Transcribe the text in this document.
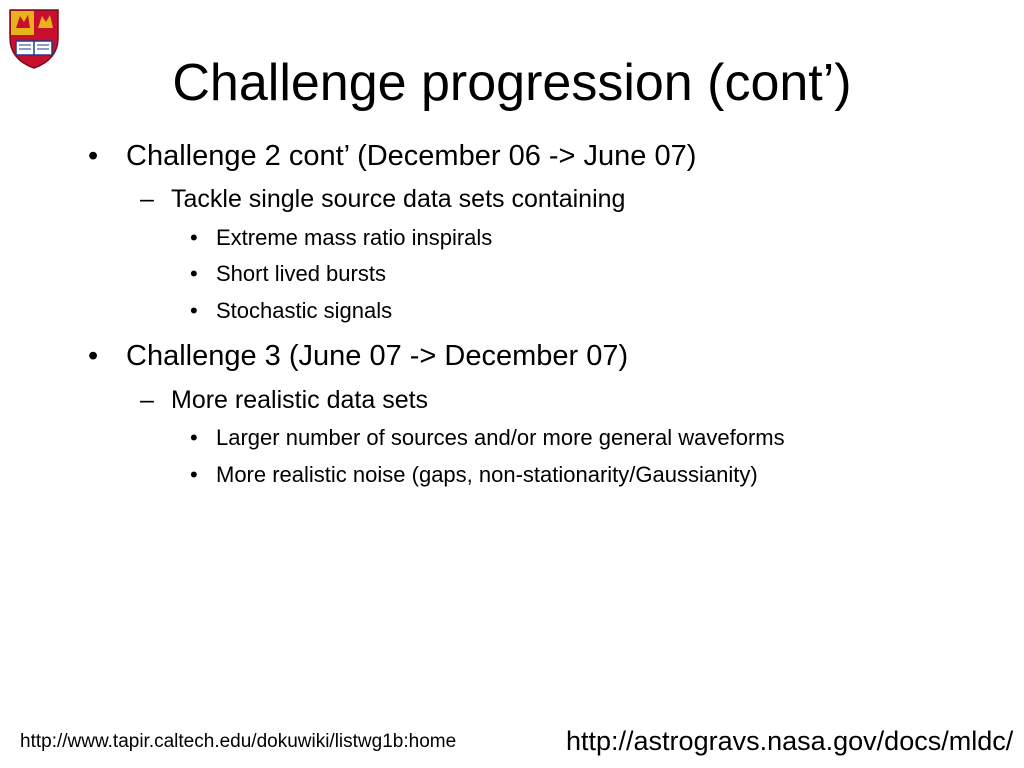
Challenge progression (cont’)
• Challenge 2 cont’ (December 06 -> June 07)
– Tackle single source data sets containing
• Extreme mass ratio inspirals
• Short lived bursts
• Stochastic signals
• Challenge 3 (June 07 -> December 07)
– More realistic data sets
• Larger number of sources and/or more general waveforms
• More realistic noise (gaps, non-stationarity/Gaussianity)
http://www.tapir.caltech.edu/dokuwiki/listwg1b:home	http://astrogravs.nasa.gov/docs/mldc/
